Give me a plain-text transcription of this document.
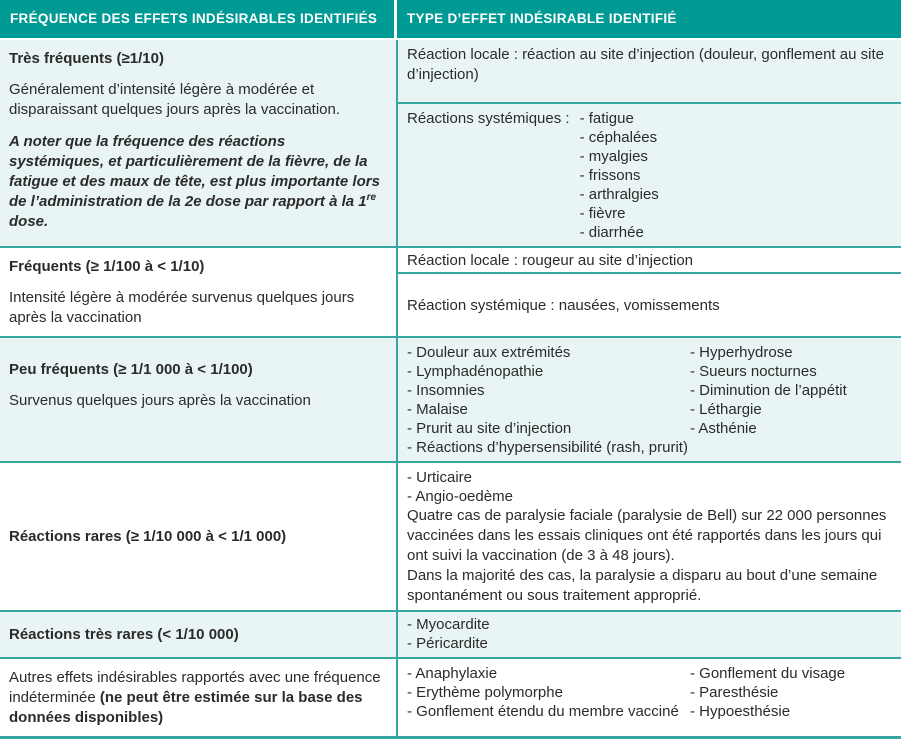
FRÉQUENCE DES EFFETS INDÉSIRABLES IDENTIFIÉS	TYPE D’EFFET INDÉSIRABLE IDENTIFIÉ

Très fréquents (≥1/10)

Généralement d’intensité légère à modérée et disparaissant quelques jours après la vaccination.

A noter que la fréquence des réactions systémiques, et particulièrement de la fièvre, de la fatigue et des maux de tête, est plus importante lors de l’administration de la 2e dose par rapport à la 1re dose.

Réaction locale : réaction au site d’injection (douleur, gonflement au site d’injection)

Réactions systémiques :	- fatigue
- céphalées
- myalgies
- frissons
- arthralgies
- fièvre
- diarrhée

Fréquents (≥ 1/100 à < 1/10)

Intensité légère à modérée survenus quelques jours après la vaccination

Réaction locale : rougeur au site d’injection

Réaction systémique : nausées, vomissements

Peu fréquents (≥ 1/1 000 à < 1/100)

Survenus quelques jours après la vaccination

- Douleur aux extrémités
- Lymphadénopathie
- Insomnies
- Malaise
- Prurit au site d’injection
- Réactions d’hypersensibilité (rash, prurit)
- Hyperhydrose
- Sueurs nocturnes
- Diminution de l’appétit
- Léthargie
- Asthénie

Réactions rares (≥ 1/10 000 à < 1/1 000)

- Urticaire
- Angio-oedème

Quatre cas de paralysie faciale (paralysie de Bell) sur 22 000 personnes vaccinées dans les essais cliniques ont été rapportés dans les jours qui ont suivi la vaccination (de 3 à 48 jours).

Dans la majorité des cas, la paralysie a disparu au bout d’une semaine spontanément ou sous traitement approprié.

Réactions très rares (< 1/10 000)

- Myocardite
- Péricardite

Autres effets indésirables rapportés avec une fréquence indéterminée (ne peut être estimée sur la base des données disponibles)

- Anaphylaxie
- Erythème polymorphe
- Gonflement étendu du membre vacciné
- Gonflement du visage
- Paresthésie
- Hypoesthésie
